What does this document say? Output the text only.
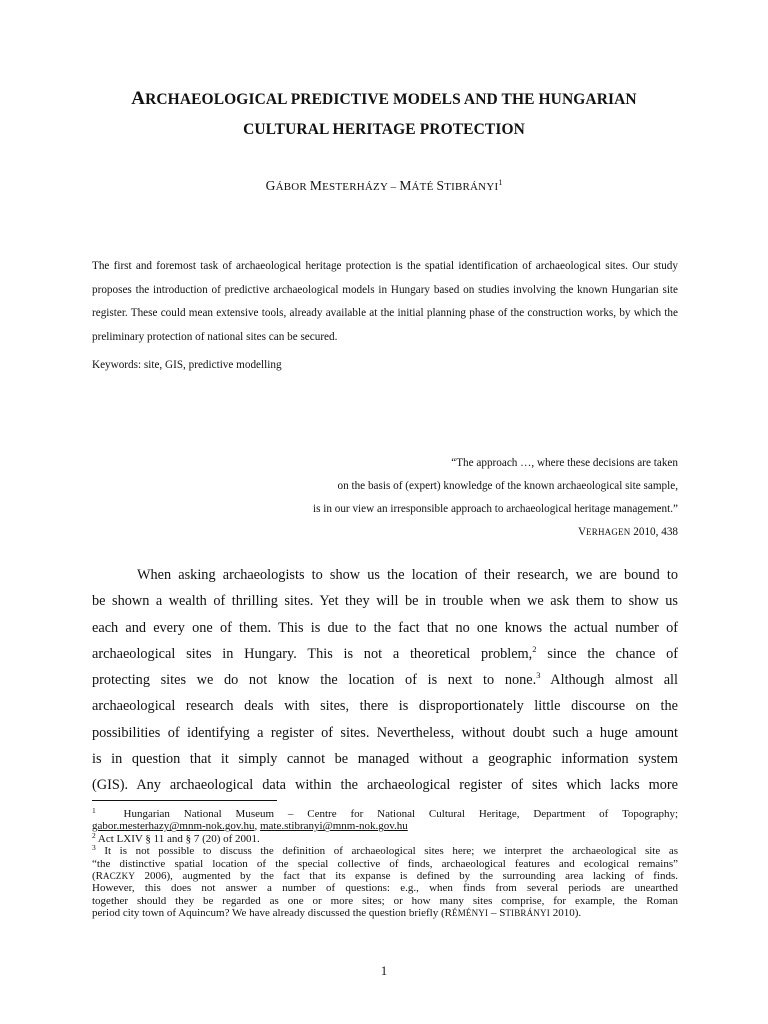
ARCHAEOLOGICAL PREDICTIVE MODELS AND THE HUNGARIAN
CULTURAL HERITAGE PROTECTION
GÁBOR MESTERHÁZY – MÁTÉ STIBRÁNYI$^1$
The first and foremost task of archaeological heritage protection is the spatial identification of archaeological sites. Our study proposes the introduction of predictive archaeological models in Hungary based on studies involving the known Hungarian site register. These could mean extensive tools, already available at the initial planning phase of the construction works, by which the preliminary protection of national sites can be secured.
Keywords: site, GIS, predictive modelling
“The approach …, where these decisions are taken
on the basis of (expert) knowledge of the known archaeological site sample,
is in our view an irresponsible approach to archaeological heritage management.”
VERHAGEN 2010, 438
When asking archaeologists to show us the location of their research, we are bound to
be shown a wealth of thrilling sites. Yet they will be in trouble when we ask them to show us
each and every one of them. This is due to the fact that no one knows the actual number of
archaeological sites in Hungary. This is not a theoretical problem,$^2$ since the chance of
protecting sites we do not know the location of is next to none.$^3$ Although almost all
archaeological research deals with sites, there is disproportionately little discourse on the
possibilities of identifying a register of sites. Nevertheless, without doubt such a huge amount
is in question that it simply cannot be managed without a geographic information system
(GIS). Any archaeological data within the archaeological register of sites which lacks more
$^1$	Hungarian National Museum – Centre for National Cultural Heritage, Department of Topography;
gabor.mesterhazy@mnm-nok.gov.hu, mate.stibranyi@mnm-nok.gov.hu
$^2$ Act LXIV § 11 and § 7 (20) of 2001.
$^3$ It is not possible to discuss the definition of archaeological sites here; we interpret the archaeological site as
“the distinctive spatial location of the special collective of finds, archaeological features and ecological remains”
(RACZKY 2006), augmented by the fact that its expanse is defined by the surrounding area lacking of finds.
However, this does not answer a number of questions: e.g., when finds from several periods are unearthed
together should they be regarded as one or more sites; or how many sites comprise, for example, the Roman
period city town of Aquincum? We have already discussed the question briefly (RÉMÉNYI – STIBRÁNYI 2010).
1
